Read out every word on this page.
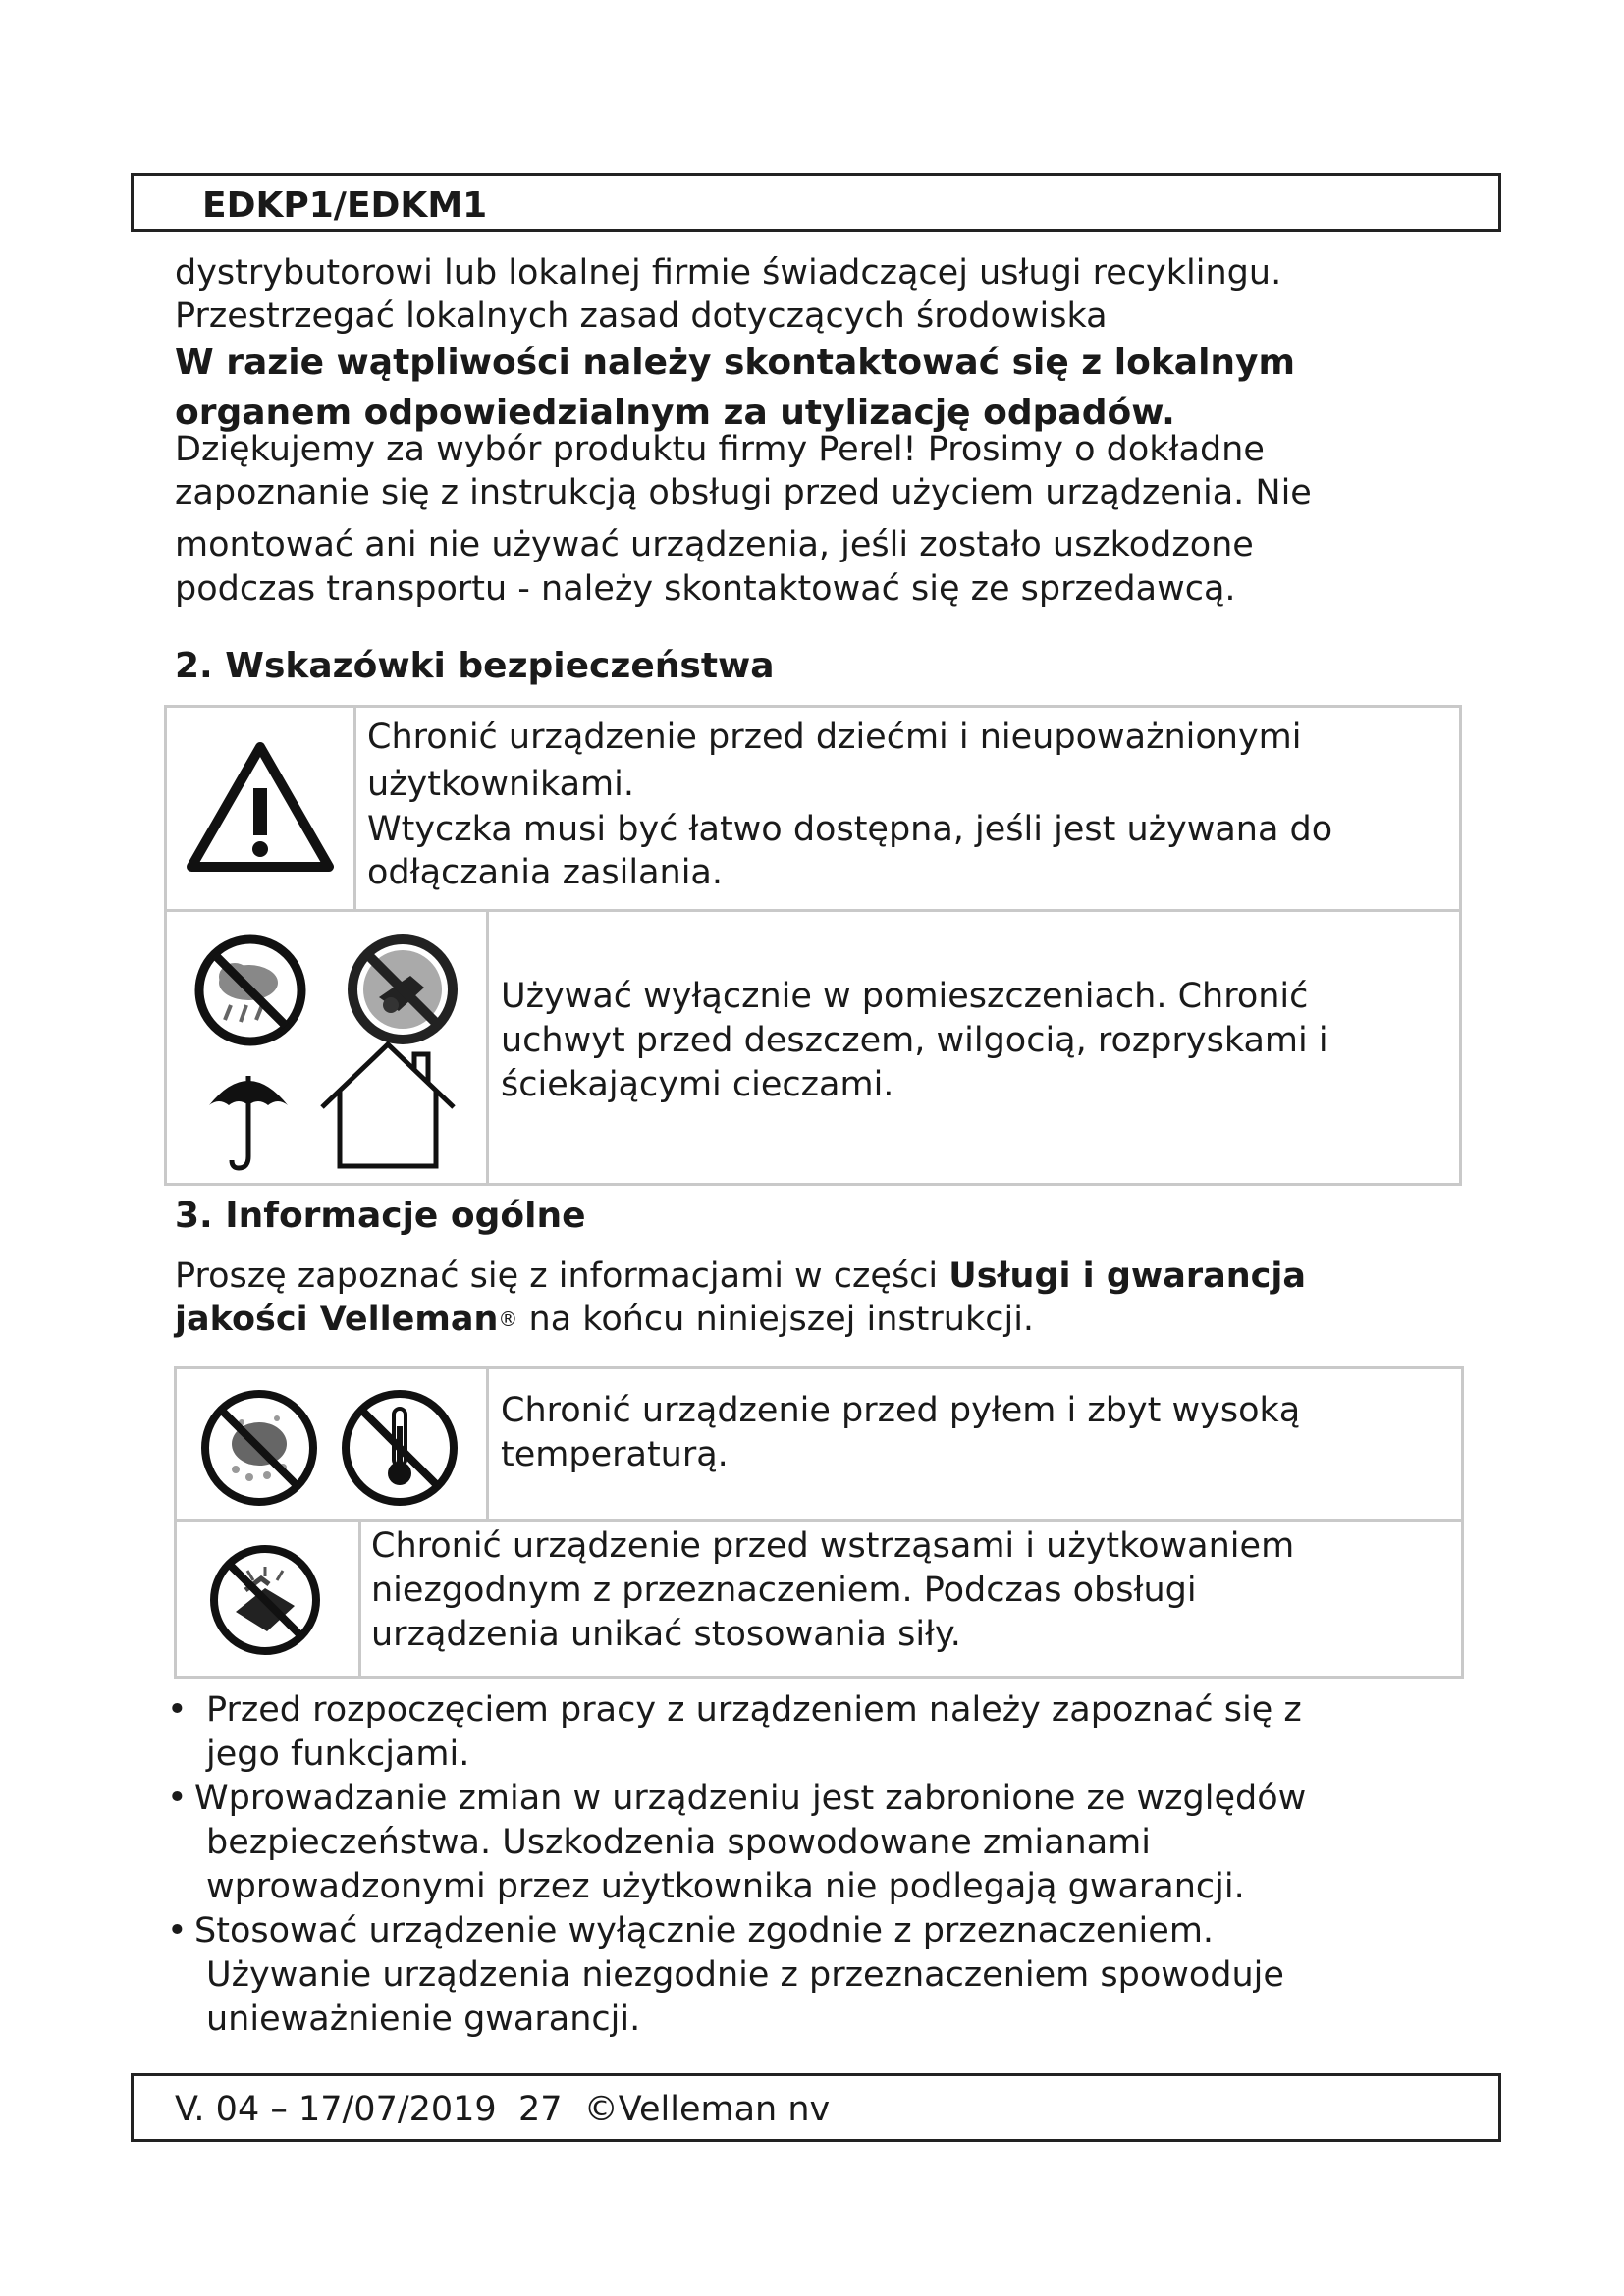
EDKP1/EDKM1
dystrybutorowi lub lokalnej firmie świadczącej usługi recyklingu.
Przestrzegać lokalnych zasad dotyczących środowiska
W razie wątpliwości należy skontaktować się z lokalnym
organem odpowiedzialnym za utylizację odpadów.
Dziękujemy za wybór produktu firmy Perel! Prosimy o dokładne
zapoznanie się z instrukcją obsługi przed użyciem urządzenia. Nie
montować ani nie używać urządzenia, jeśli zostało uszkodzone
podczas transportu - należy skontaktować się ze sprzedawcą.
2. Wskazówki bezpieczeństwa
Chronić urządzenie przed dziećmi i nieupoważnionymi
użytkownikami.
Wtyczka musi być łatwo dostępna, jeśli jest używana do
odłączania zasilania.
Używać wyłącznie w pomieszczeniach. Chronić
uchwyt przed deszczem, wilgocią, rozpryskami i
ściekającymi cieczami.
3. Informacje ogólne
Proszę zapoznać się z informacjami w części Usługi i gwarancja
jakości Velleman® na końcu niniejszej instrukcji.
Chronić urządzenie przed pyłem i zbyt wysoką
temperaturą.
Chronić urządzenie przed wstrząsami i użytkowaniem
niezgodnym z przeznaczeniem. Podczas obsługi
urządzenia unikać stosowania siły.
• Przed rozpoczęciem pracy z urządzeniem należy zapoznać się z
jego funkcjami.
• Wprowadzanie zmian w urządzeniu jest zabronione ze względów
bezpieczeństwa. Uszkodzenia spowodowane zmianami
wprowadzonymi przez użytkownika nie podlegają gwarancji.
• Stosować urządzenie wyłącznie zgodnie z przeznaczeniem.
Używanie urządzenia niezgodnie z przeznaczeniem spowoduje
unieważnienie gwarancji.
V. 04 – 17/07/2019  27  ©Velleman nv
